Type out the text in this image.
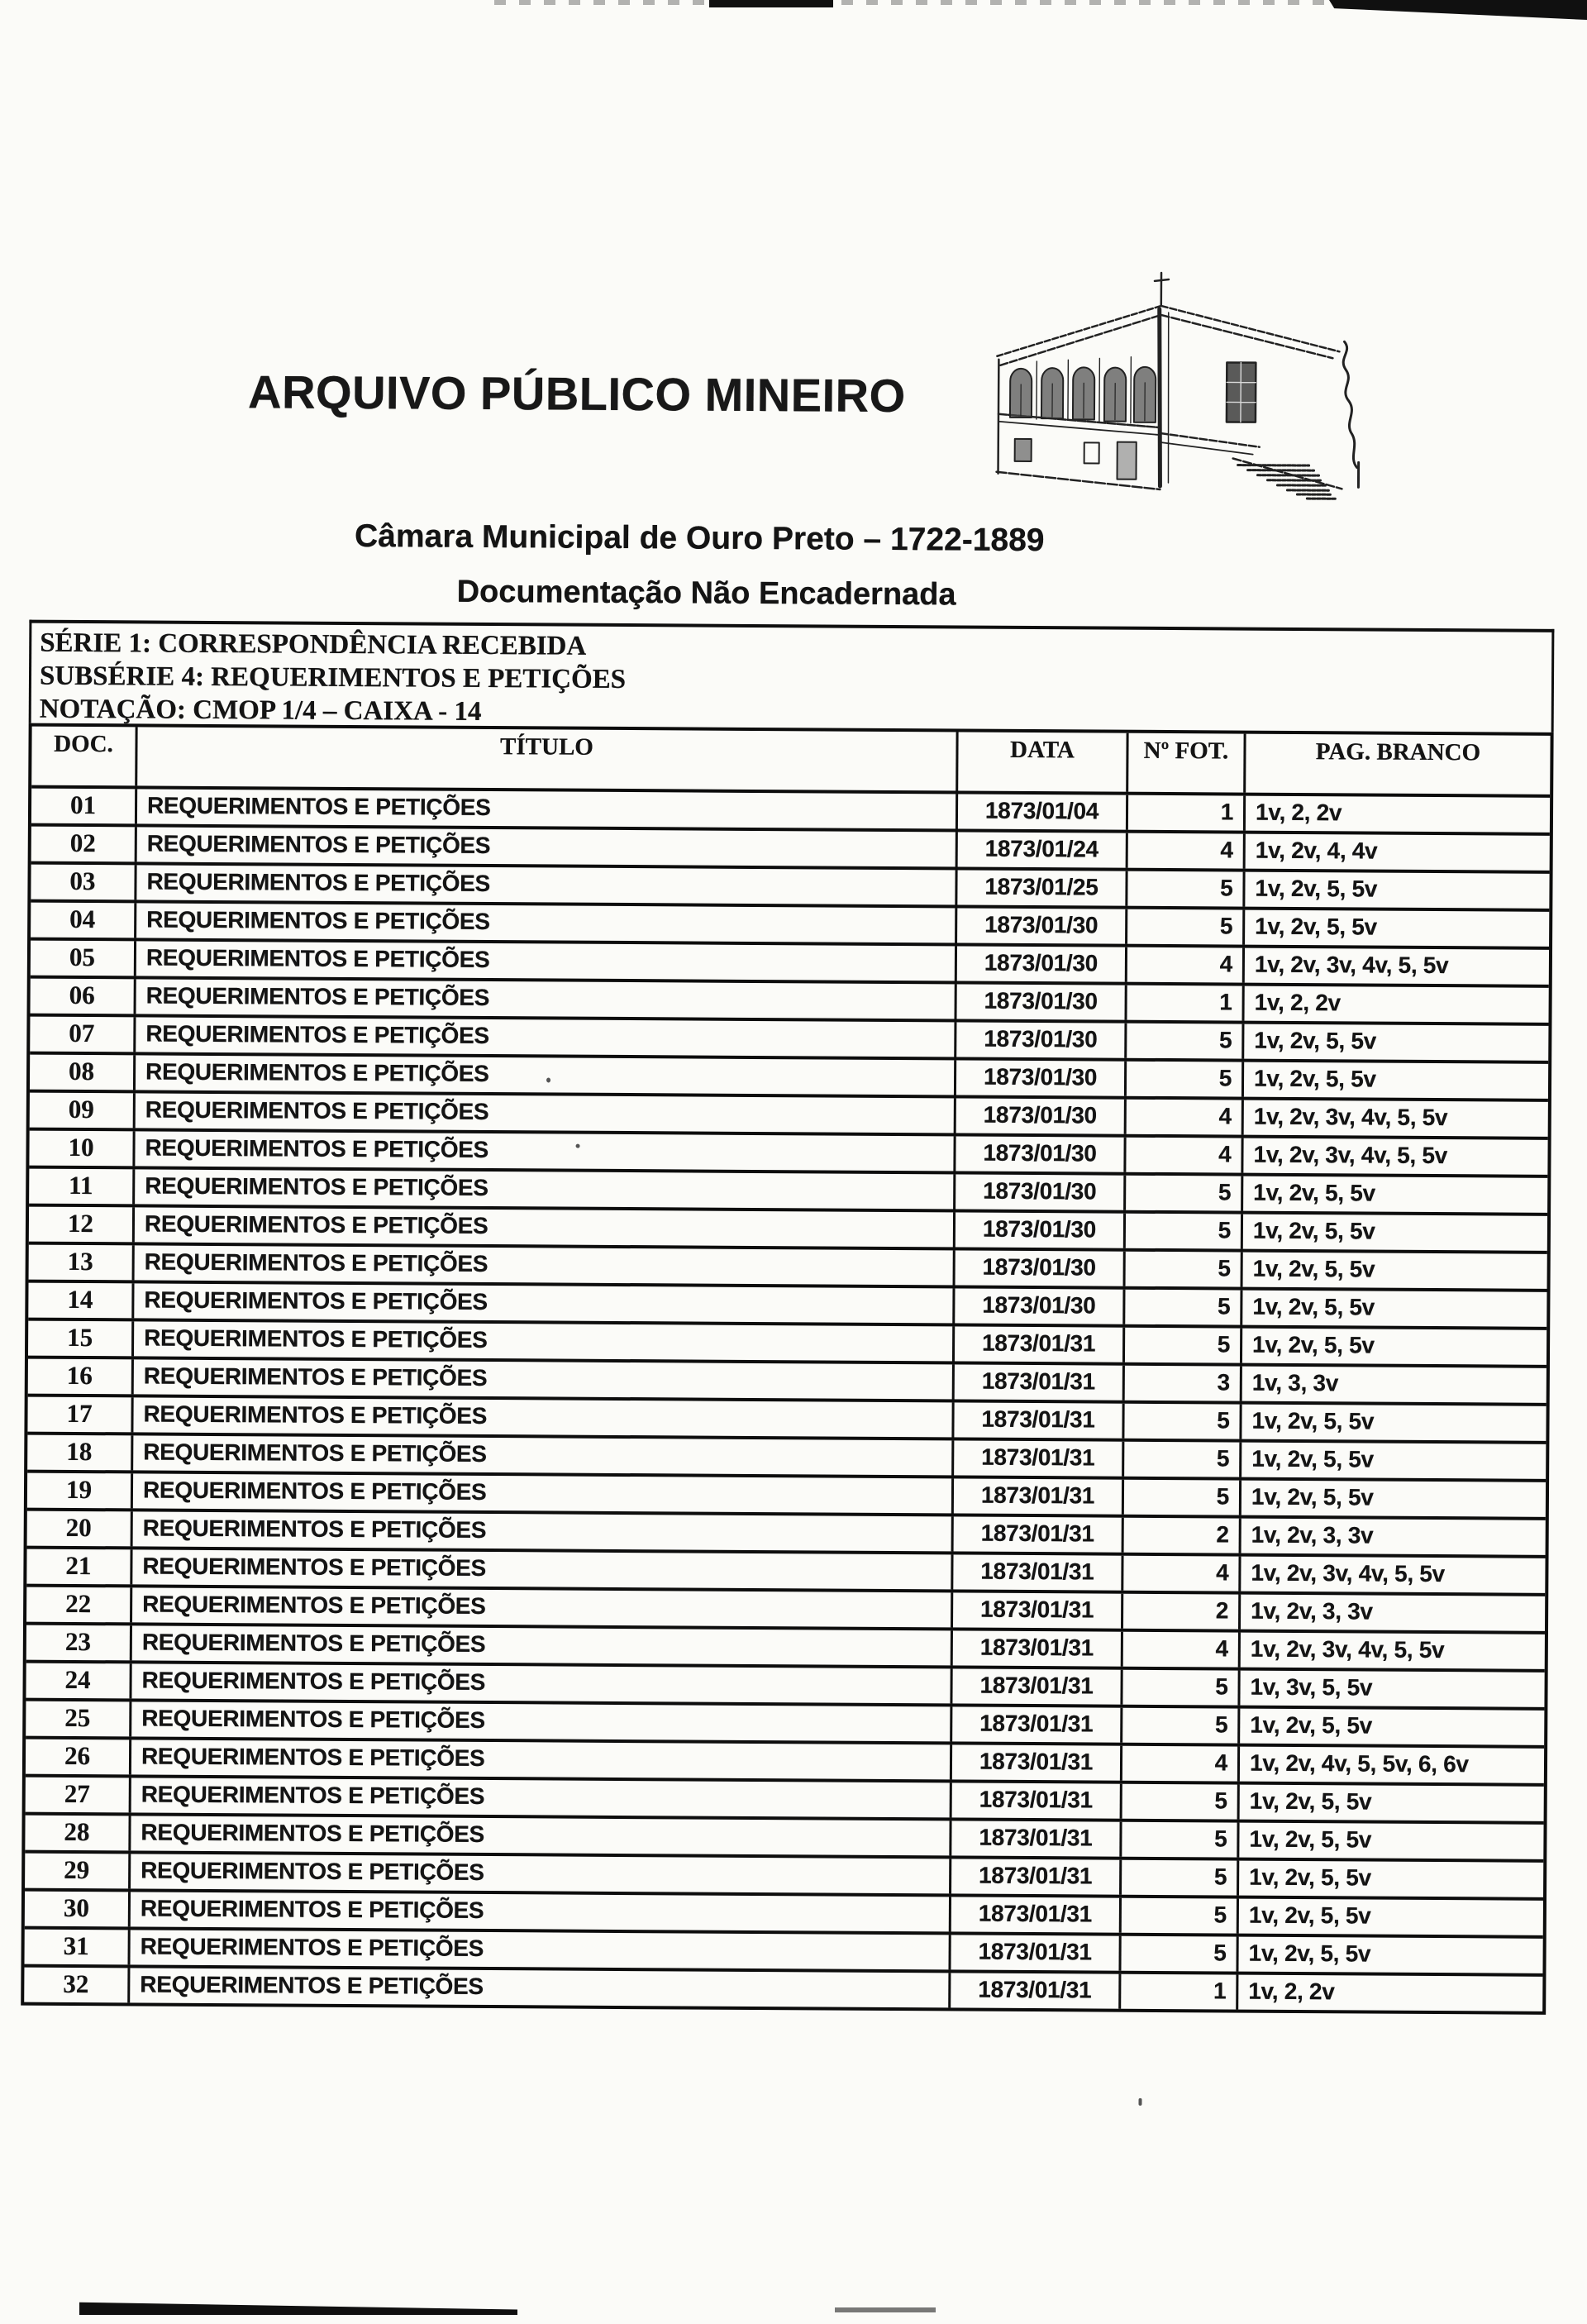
ARQUIVO PÚBLICO MINEIRO
Câmara Municipal de Ouro Preto – 1722-1889
Documentação Não Encadernada
SÉRIE 1: CORRESPONDÊNCIA RECEBIDA
SUBSÉRIE 4: REQUERIMENTOS E PETIÇÕES
NOTAÇÃO: CMOP 1/4 – CAIXA - 14
DOC.	TÍTULO	DATA	Nº FOT.	PAG. BRANCO
01	REQUERIMENTOS E PETIÇÕES	1873/01/04	1 1v, 2, 2v
02	REQUERIMENTOS E PETIÇÕES	1873/01/24	4 1v, 2v, 4, 4v
03	REQUERIMENTOS E PETIÇÕES	1873/01/25	5 1v, 2v, 5, 5v
04	REQUERIMENTOS E PETIÇÕES	1873/01/30	5 1v, 2v, 5, 5v
05	REQUERIMENTOS E PETIÇÕES	1873/01/30	4 1v, 2v, 3v, 4v, 5, 5v
06	REQUERIMENTOS E PETIÇÕES	1873/01/30	1 1v, 2, 2v
07	REQUERIMENTOS E PETIÇÕES	1873/01/30	5 1v, 2v, 5, 5v
08	REQUERIMENTOS E PETIÇÕES	1873/01/30	5 1v, 2v, 5, 5v
09	REQUERIMENTOS E PETIÇÕES	1873/01/30	4 1v, 2v, 3v, 4v, 5, 5v
10	REQUERIMENTOS E PETIÇÕES	1873/01/30	4 1v, 2v, 3v, 4v, 5, 5v
11	REQUERIMENTOS E PETIÇÕES	1873/01/30	5 1v, 2v, 5, 5v
12	REQUERIMENTOS E PETIÇÕES	1873/01/30	5 1v, 2v, 5, 5v
13	REQUERIMENTOS E PETIÇÕES	1873/01/30	5 1v, 2v, 5, 5v
14	REQUERIMENTOS E PETIÇÕES	1873/01/30	5 1v, 2v, 5, 5v
15	REQUERIMENTOS E PETIÇÕES	1873/01/31	5 1v, 2v, 5, 5v
16	REQUERIMENTOS E PETIÇÕES	1873/01/31	3 1v, 3, 3v
17	REQUERIMENTOS E PETIÇÕES	1873/01/31	5 1v, 2v, 5, 5v
18	REQUERIMENTOS E PETIÇÕES	1873/01/31	5 1v, 2v, 5, 5v
19	REQUERIMENTOS E PETIÇÕES	1873/01/31	5 1v, 2v, 5, 5v
20	REQUERIMENTOS E PETIÇÕES	1873/01/31	2 1v, 2v, 3, 3v
21	REQUERIMENTOS E PETIÇÕES	1873/01/31	4 1v, 2v, 3v, 4v, 5, 5v
22	REQUERIMENTOS E PETIÇÕES	1873/01/31	2 1v, 2v, 3, 3v
23	REQUERIMENTOS E PETIÇÕES	1873/01/31	4 1v, 2v, 3v, 4v, 5, 5v
24	REQUERIMENTOS E PETIÇÕES	1873/01/31	5 1v, 3v, 5, 5v
25	REQUERIMENTOS E PETIÇÕES	1873/01/31	5 1v, 2v, 5, 5v
26	REQUERIMENTOS E PETIÇÕES	1873/01/31	4 1v, 2v, 4v, 5, 5v, 6, 6v
27	REQUERIMENTOS E PETIÇÕES	1873/01/31	5 1v, 2v, 5, 5v
28	REQUERIMENTOS E PETIÇÕES	1873/01/31	5 1v, 2v, 5, 5v
29	REQUERIMENTOS E PETIÇÕES	1873/01/31	5 1v, 2v, 5, 5v
30	REQUERIMENTOS E PETIÇÕES	1873/01/31	5 1v, 2v, 5, 5v
31	REQUERIMENTOS E PETIÇÕES	1873/01/31	5 1v, 2v, 5, 5v
32	REQUERIMENTOS E PETIÇÕES	1873/01/31	1 1v, 2, 2v
